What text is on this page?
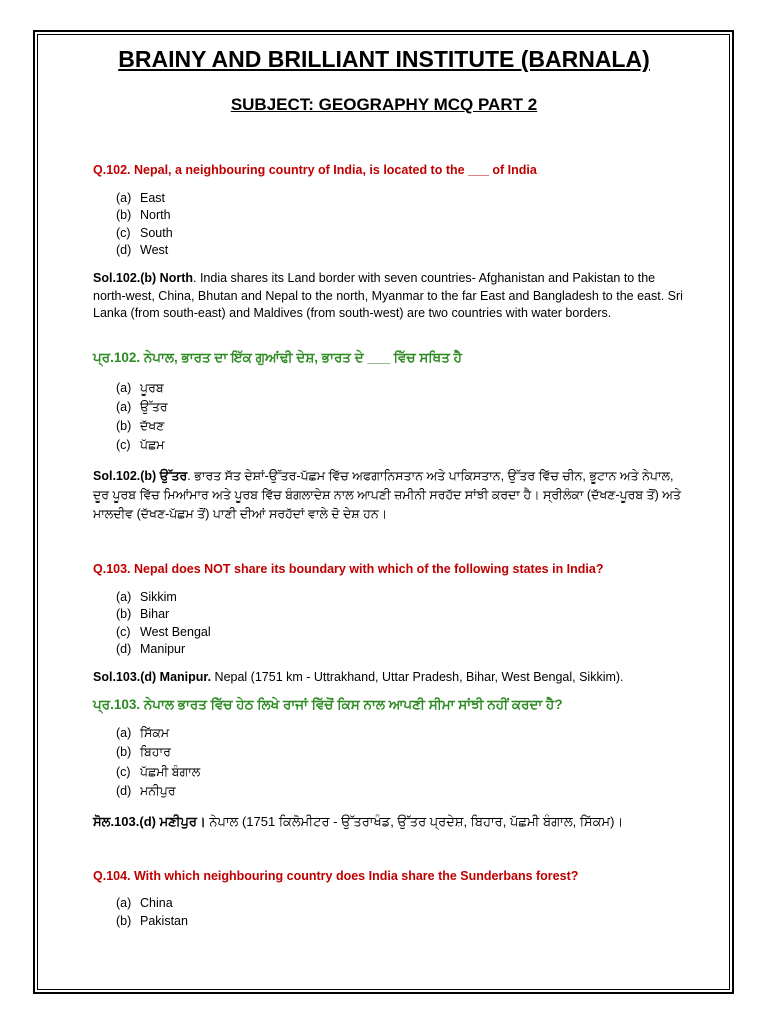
BRAINY AND BRILLIANT INSTITUTE (BARNALA)
SUBJECT: GEOGRAPHY MCQ PART 2
Q.102. Nepal, a neighbouring country of India, is located to the ___ of India
(a) East
(b) North
(c) South
(d) West
Sol.102.(b) North. India shares its Land border with seven countries- Afghanistan and Pakistan to the north-west, China, Bhutan and Nepal to the north, Myanmar to the far East and Bangladesh to the east. Sri Lanka (from south-east) and Maldives (from south-west) are two countries with water borders.
ਪ੍ਰ.102. ਨੇਪਾਲ, ਭਾਰਤ ਦਾ ਇੱਕ ਗੁਆਂਢੀ ਦੇਸ਼, ਭਾਰਤ ਦੇ ___ ਵਿੱਚ ਸਥਿਤ ਹੈ
(a) ਪੂਰਬ
(a) ਉੱਤਰ
(b) ਦੱਖਣ
(c) ਪੱਛਮ
Sol.102.(b) ਉੱਤਰ. ਭਾਰਤ ਸੱਤ ਦੇਸ਼ਾਂ-ਉੱਤਰ-ਪੱਛਮ ਵਿੱਚ ਅਫਗਾਨਿਸਤਾਨ ਅਤੇ ਪਾਕਿਸਤਾਨ, ਉੱਤਰ ਵਿੱਚ ਚੀਨ, ਭੂਟਾਨ ਅਤੇ ਨੇਪਾਲ, ਦੂਰ ਪੂਰਬ ਵਿੱਚ ਮਿਆਂਮਾਰ ਅਤੇ ਪੂਰਬ ਵਿੱਚ ਬੰਗਲਾਦੇਸ਼ ਨਾਲ ਆਪਣੀ ਜ਼ਮੀਨੀ ਸਰਹੱਦ ਸਾਂਝੀ ਕਰਦਾ ਹੈ। ਸ੍ਰੀਲੰਕਾ (ਦੱਖਣ-ਪੂਰਬ ਤੋਂ) ਅਤੇ ਮਾਲਦੀਵ (ਦੱਖਣ-ਪੱਛਮ ਤੋਂ) ਪਾਣੀ ਦੀਆਂ ਸਰਹੱਦਾਂ ਵਾਲੇ ਦੋ ਦੇਸ਼ ਹਨ।
Q.103. Nepal does NOT share its boundary with which of the following states in India?
(a) Sikkim
(b) Bihar
(c) West Bengal
(d) Manipur
Sol.103.(d) Manipur. Nepal (1751 km - Uttrakhand, Uttar Pradesh, Bihar, West Bengal, Sikkim).
ਪ੍ਰ.103. ਨੇਪਾਲ ਭਾਰਤ ਵਿੱਚ ਹੇਠ ਲਿਖੇ ਰਾਜਾਂ ਵਿੱਚੋਂ ਕਿਸ ਨਾਲ ਆਪਣੀ ਸੀਮਾ ਸਾਂਝੀ ਨਹੀਂ ਕਰਦਾ ਹੈ?
(a) ਸਿੱਕਮ
(b) ਬਿਹਾਰ
(c) ਪੱਛਮੀ ਬੰਗਾਲ
(d) ਮਨੀਪੁਰ
ਸੋਲ.103.(d) ਮਣੀਪੁਰ। ਨੇਪਾਲ (1751 ਕਿਲੋਮੀਟਰ - ਉੱਤਰਾਖੰਡ, ਉੱਤਰ ਪ੍ਰਦੇਸ਼, ਬਿਹਾਰ, ਪੱਛਮੀ ਬੰਗਾਲ, ਸਿੱਕਮ)।
Q.104. With which neighbouring country does India share the Sunderbans forest?
(a) China
(b) Pakistan
